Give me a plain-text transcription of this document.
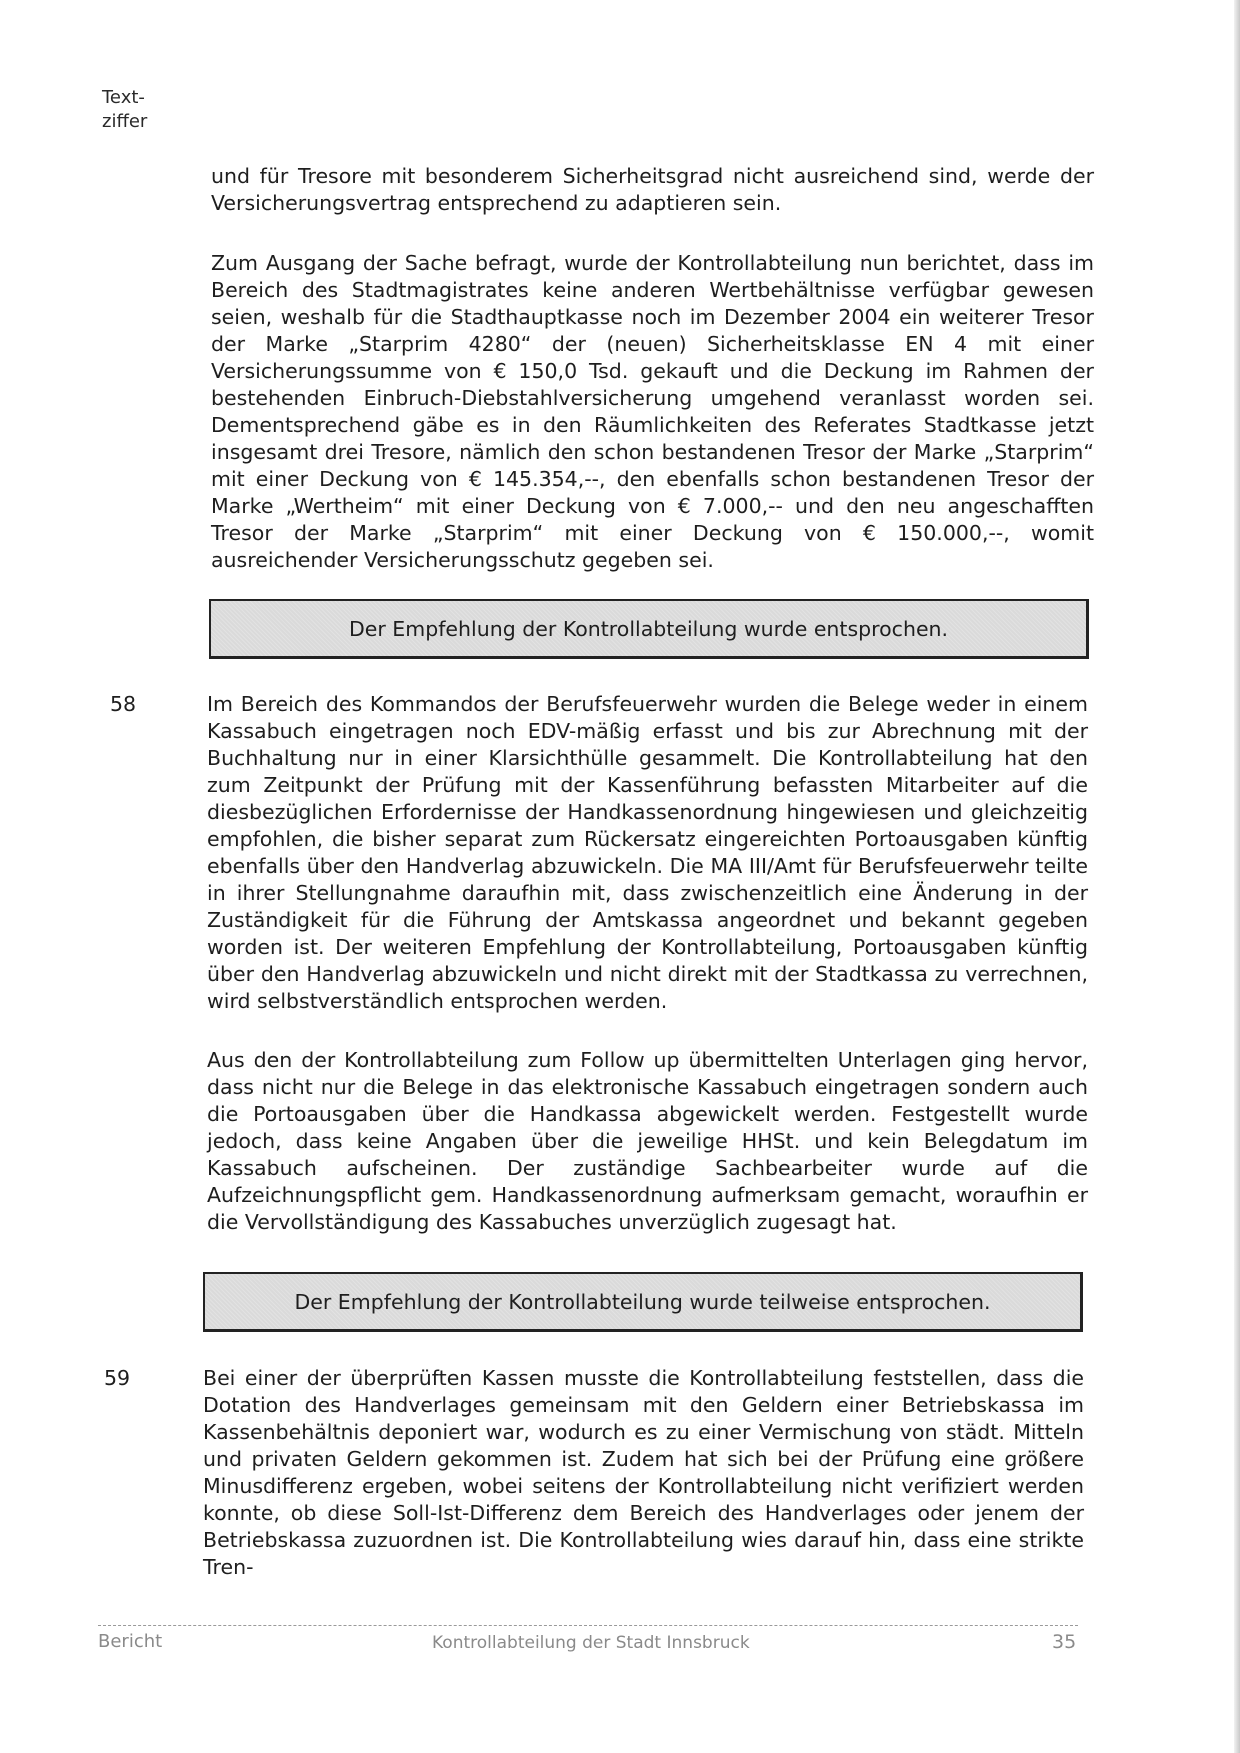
Text-
ziffer

und für Tresore mit besonderem Sicherheitsgrad nicht ausreichend sind, werde der Versicherungsvertrag entsprechend zu adaptieren sein.

Zum Ausgang der Sache befragt, wurde der Kontrollabteilung nun berichtet, dass im Bereich des Stadtmagistrates keine anderen Wertbehältnisse verfügbar gewesen seien, weshalb für die Stadthauptkasse noch im Dezember 2004 ein weiterer Tresor der Marke „Starprim 4280“ der (neuen) Sicherheitsklasse EN 4 mit einer Versicherungssumme von € 150,0 Tsd. gekauft und die Deckung im Rahmen der bestehenden Einbruch-Diebstahlversicherung umgehend veranlasst worden sei. Dementsprechend gäbe es in den Räumlichkeiten des Referates Stadtkasse jetzt insgesamt drei Tresore, nämlich den schon bestandenen Tresor der Marke „Starprim“ mit einer Deckung von € 145.354,--, den ebenfalls schon bestandenen Tresor der Marke „Wertheim“ mit einer Deckung von € 7.000,-- und den neu angeschafften Tresor der Marke „Starprim“ mit einer Deckung von € 150.000,--, womit ausreichender Versicherungsschutz gegeben sei.

Der Empfehlung der Kontrollabteilung wurde entsprochen.
58	Im Bereich des Kommandos der Berufsfeuerwehr wurden die Belege weder in einem Kassabuch eingetragen noch EDV-mäßig erfasst und bis zur Abrechnung mit der Buchhaltung nur in einer Klarsichthülle gesammelt. Die Kontrollabteilung hat den zum Zeitpunkt der Prüfung mit der Kassenführung befassten Mitarbeiter auf die diesbezüglichen Erfordernisse der Handkassenordnung hingewiesen und gleichzeitig empfohlen, die bisher separat zum Rückersatz eingereichten Portoausgaben künftig ebenfalls über den Handverlag abzuwickeln. Die MA III/Amt für Berufsfeuerwehr teilte in ihrer Stellungnahme daraufhin mit, dass zwischenzeitlich eine Änderung in der Zuständigkeit für die Führung der Amtskassa angeordnet und bekannt gegeben worden ist. Der weiteren Empfehlung der Kontrollabteilung, Portoausgaben künftig über den Handverlag abzuwickeln und nicht direkt mit der Stadtkassa zu verrechnen, wird selbstverständlich entsprochen werden.

Aus den der Kontrollabteilung zum Follow up übermittelten Unterlagen ging hervor, dass nicht nur die Belege in das elektronische Kassabuch eingetragen sondern auch die Portoausgaben über die Handkassa abgewickelt werden. Festgestellt wurde jedoch, dass keine Angaben über die jeweilige HHSt. und kein Belegdatum im Kassabuch aufscheinen. Der zuständige Sachbearbeiter wurde auf die Aufzeichnungspflicht gem. Handkassenordnung aufmerksam gemacht, woraufhin er die Vervollständigung des Kassabuches unverzüglich zugesagt hat.

Der Empfehlung der Kontrollabteilung wurde teilweise entsprochen.
59	Bei einer der überprüften Kassen musste die Kontrollabteilung feststellen, dass die Dotation des Handverlages gemeinsam mit den Geldern einer Betriebskassa im Kassenbehältnis deponiert war, wodurch es zu einer Vermischung von städt. Mitteln und privaten Geldern gekommen ist. Zudem hat sich bei der Prüfung eine größere Minusdifferenz ergeben, wobei seitens der Kontrollabteilung nicht verifiziert werden konnte, ob diese Soll-Ist-Differenz dem Bereich des Handverlages oder jenem der Betriebskassa zuzuordnen ist. Die Kontrollabteilung wies darauf hin, dass eine strikte Tren-

Bericht	Kontrollabteilung der Stadt Innsbruck	35
